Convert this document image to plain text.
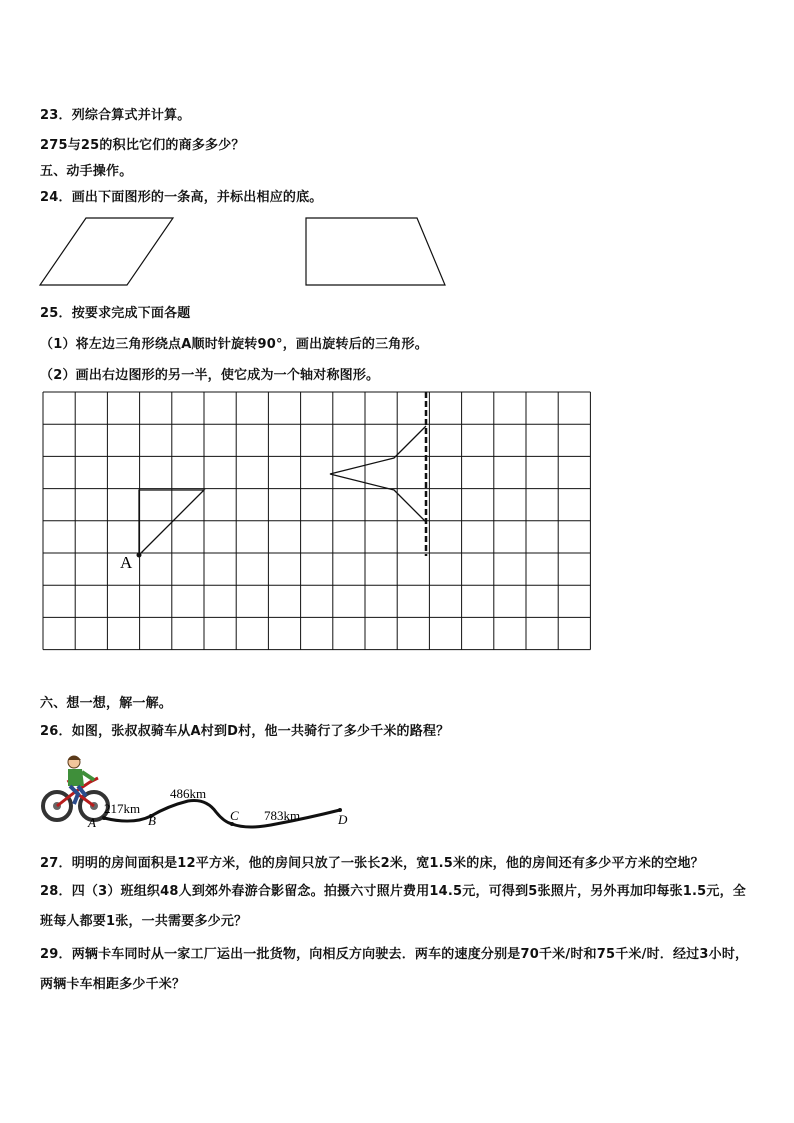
23．列综合算式并计算。
275与25的积比它们的商多多少？
五、动手操作。
24．画出下面图形的一条高，并标出相应的底。
25．按要求完成下面各题
（1）将左边三角形绕点A顺时针旋转90°，画出旋转后的三角形。
（2）画出右边图形的另一半，使它成为一个轴对称图形。
A
六、想一想，解一解。
26．如图，张叔叔骑车从A村到D村，他一共骑行了多少千米的路程？
A	B	C	D
217km
486km
783km
27．明明的房间面积是12平方米，他的房间只放了一张长2米，宽1.5米的床，他的房间还有多少平方米的空地？
28．四（3）班组织48人到郊外春游合影留念。拍摄六寸照片费用14.5元，可得到5张照片，另外再加印每张1.5元，全班每人都要1张，一共需要多少元？
29．两辆卡车同时从一家工厂运出一批货物，向相反方向驶去．两车的速度分别是70千米/时和75千米/时．经过3小时，两辆卡车相距多少千米？
